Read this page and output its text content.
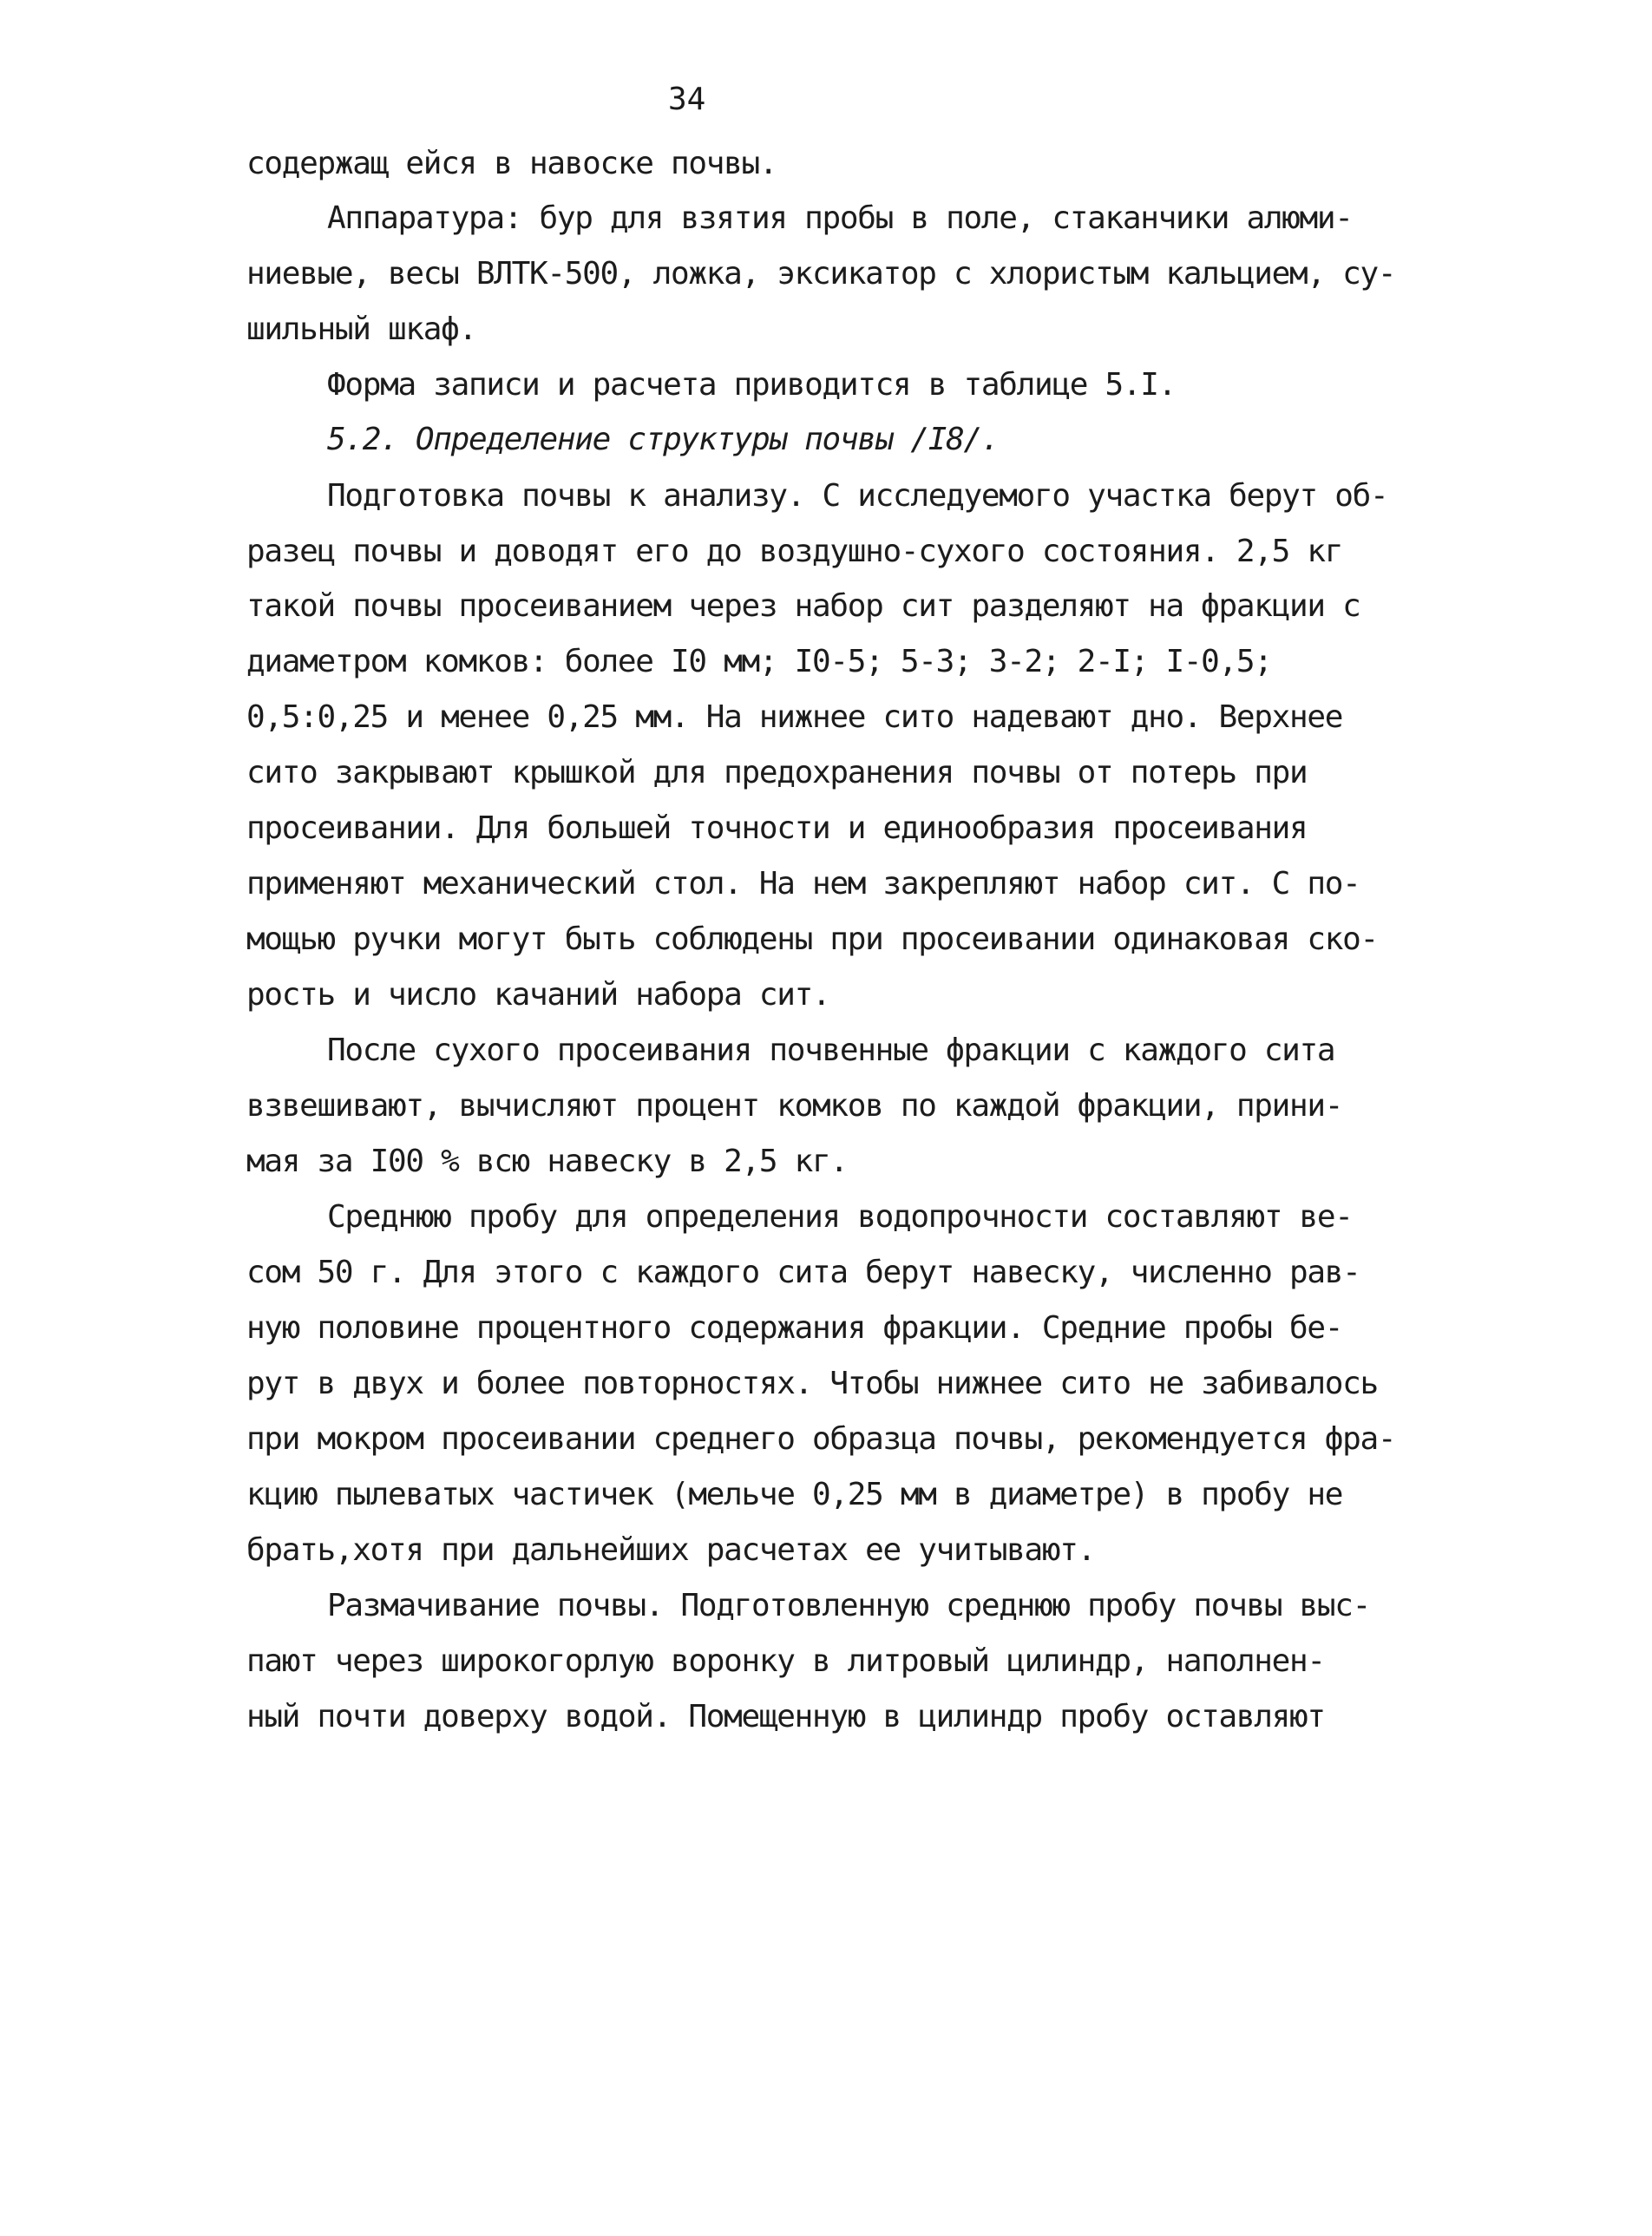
34
содержащ ейся в навоске почвы.
Аппаратура: бур для взятия пробы в поле, стаканчики алюми-
ниевые, весы ВЛТК-500, ложка, эксикатор с хлористым кальцием, су-
шильный шкаф.
Форма записи и расчета приводится в таблице 5.I.
5.2. Определение структуры почвы /I8/.
Подготовка почвы к анализу. С исследуемого участка берут об-
разец почвы и доводят его до воздушно-сухого состояния. 2,5 кг
такой почвы просеиванием через набор сит разделяют на фракции с
диаметром комков: более I0 мм; I0-5; 5-3; 3-2; 2-I; I-0,5;
0,5:0,25 и менее 0,25 мм. На нижнее сито надевают дно. Верхнее
сито закрывают крышкой для предохранения почвы от потерь при
просеивании. Для большей точности и единообразия просеивания
применяют механический стол. На нем закрепляют набор сит. С по-
мощью ручки могут быть соблюдены при просеивании одинаковая ско-
рость и число качаний набора сит.
После сухого просеивания почвенные фракции с каждого сита
взвешивают, вычисляют процент комков по каждой фракции, прини-
мая за I00 % всю навеску в 2,5 кг.
Среднюю пробу для определения водопрочности составляют ве-
сом 50 г. Для этого с каждого сита берут навеску, численно рав-
ную половине процентного содержания фракции. Средние пробы бе-
рут в двух и более повторностях. Чтобы нижнее сито не забивалось
при мокром просеивании среднего образца почвы, рекомендуется фра-
кцию пылеватых частичек (мельче 0,25 мм в диаметре) в пробу не
брать,хотя при дальнейших расчетах ее учитывают.
Размачивание почвы. Подготовленную среднюю пробу почвы выс-
пают через широкогорлую воронку в литровый цилиндр, наполнен-
ный почти доверху водой. Помещенную в цилиндр пробу оставляют
